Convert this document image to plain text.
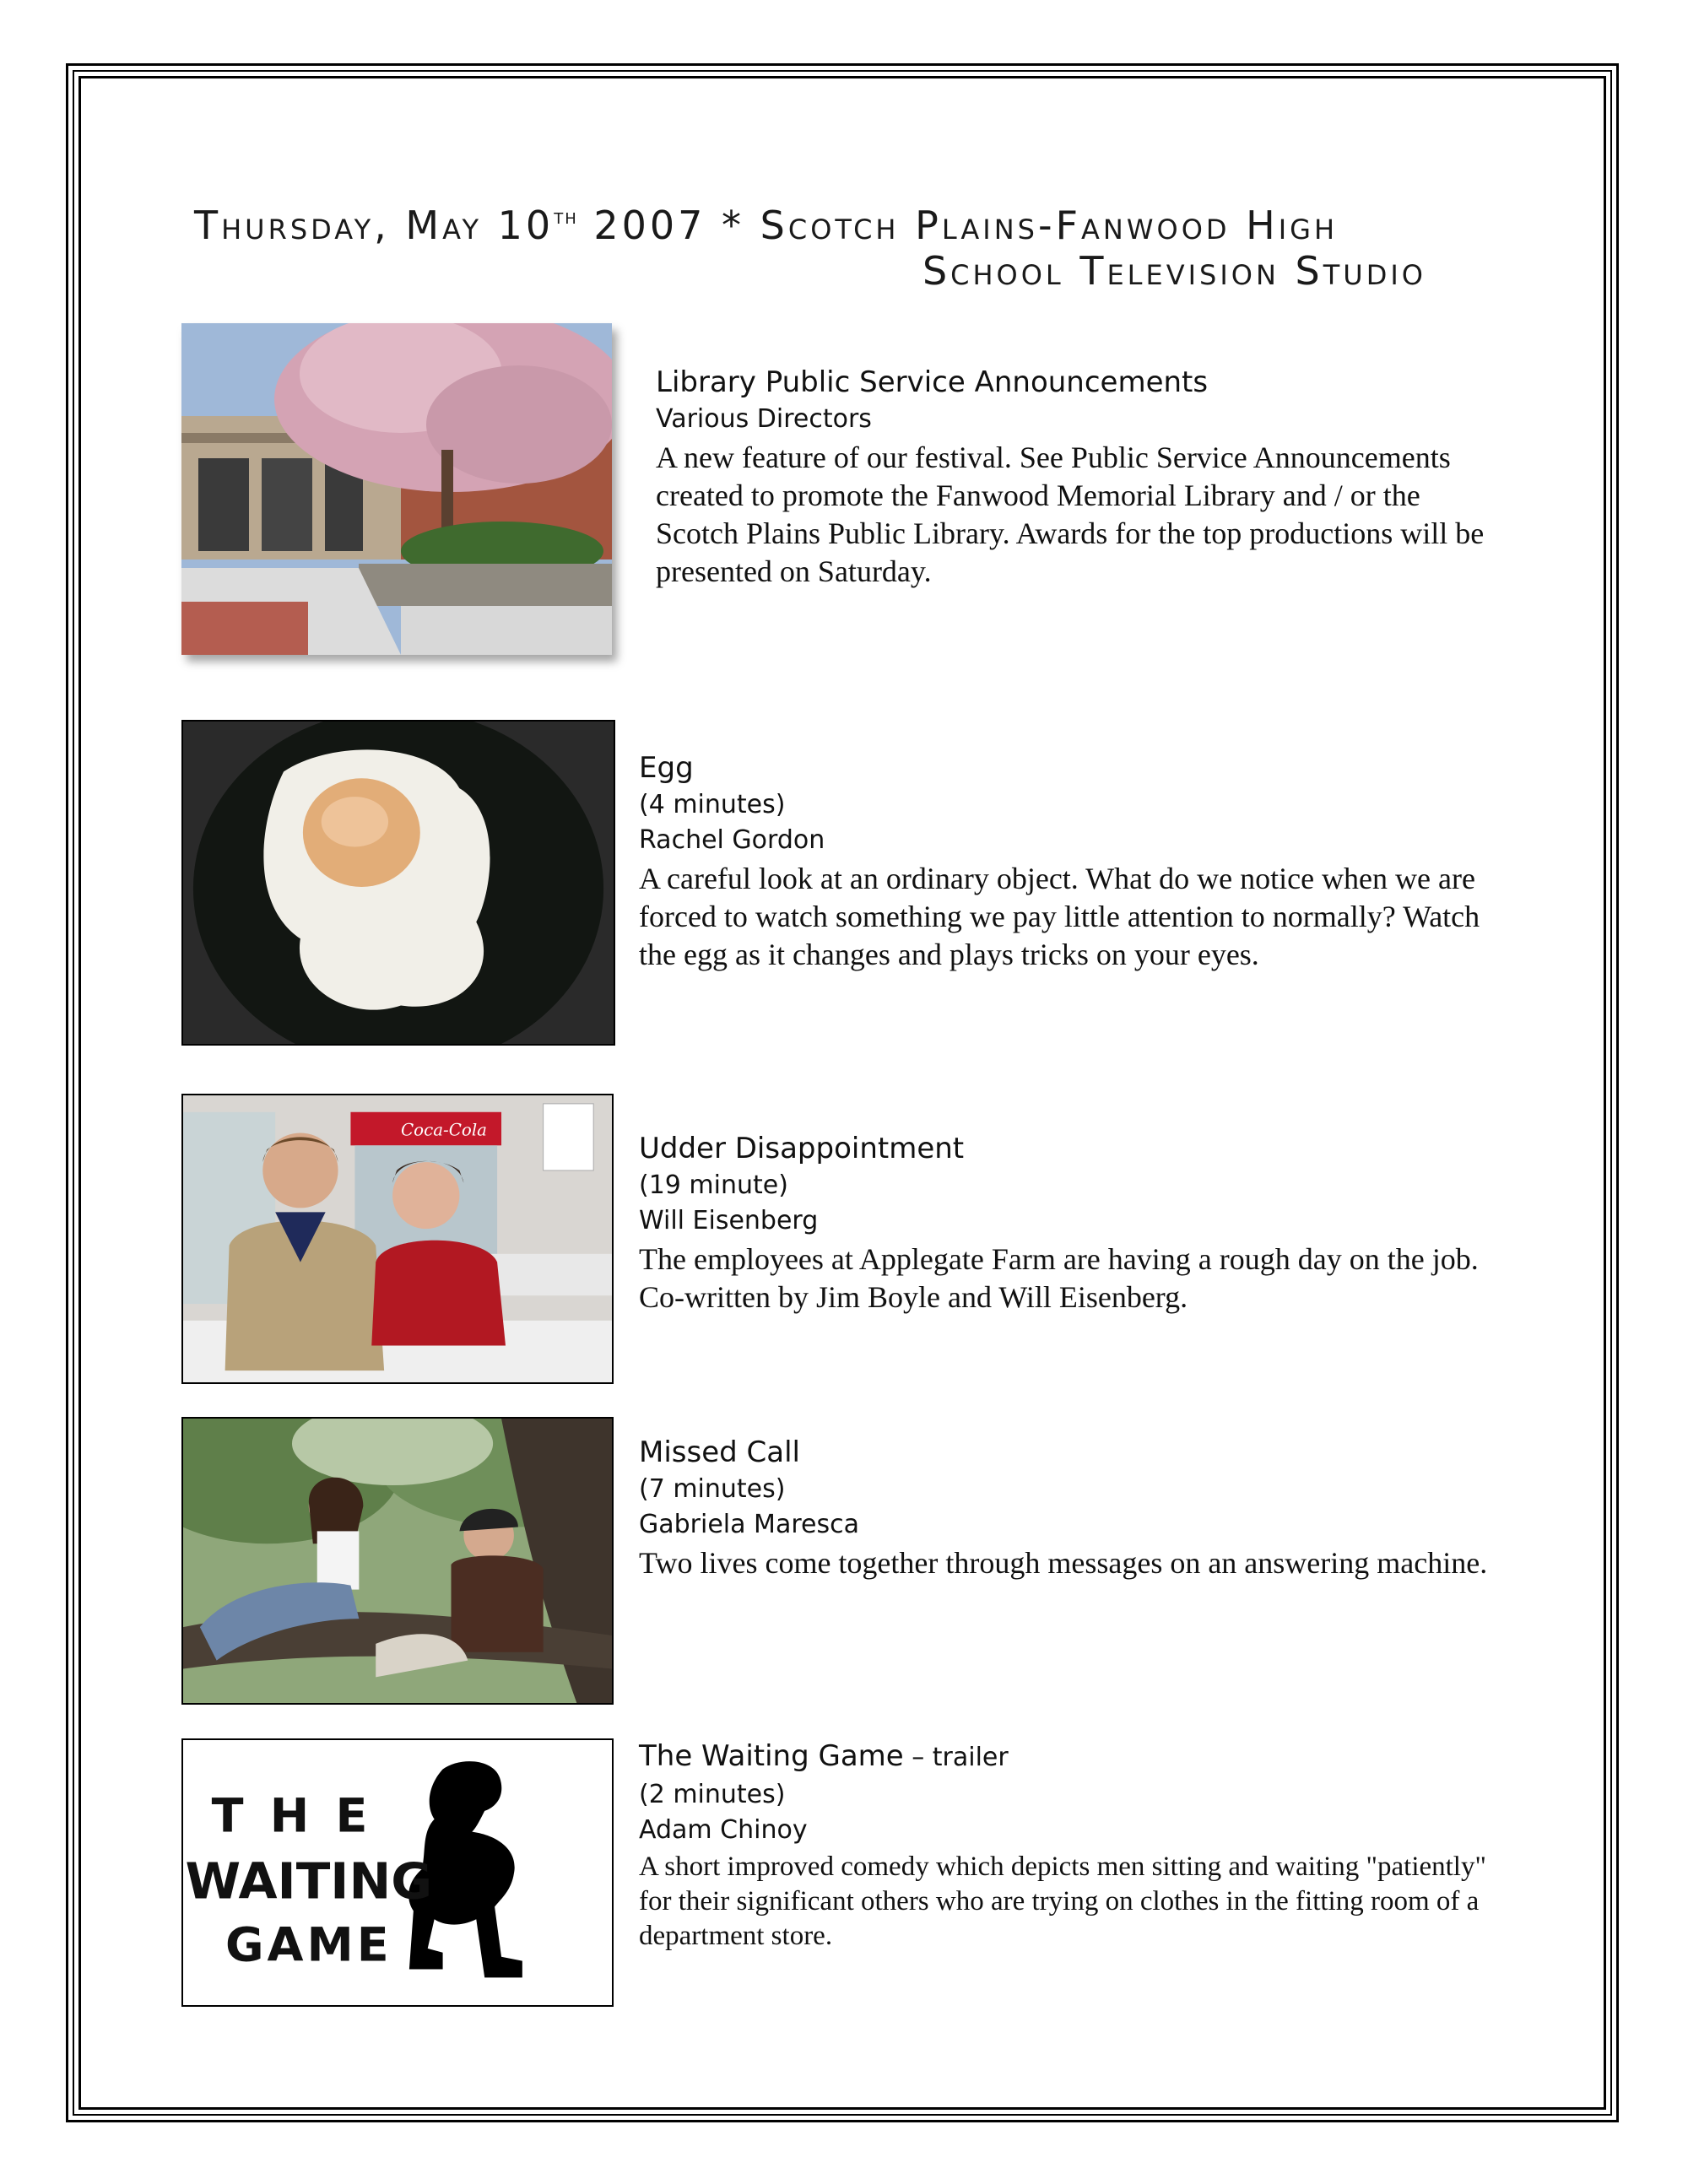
Thursday, May 10th 2007 * Scotch Plains-Fanwood High
School Television Studio
Library Public Service Announcements
Various Directors
A new feature of our festival. See Public Service Announcements created to promote the Fanwood Memorial Library and / or the Scotch Plains Public Library. Awards for the top productions will be presented on Saturday.
Egg
(4 minutes)
Rachel Gordon
A careful look at an ordinary object. What do we notice when we are forced to watch something we pay little attention to normally? Watch the egg as it changes and plays tricks on your eyes.
Coca-Cola
Udder Disappointment
(19 minute)
Will Eisenberg
The employees at Applegate Farm are having a rough day on the job. Co-written by Jim Boyle and Will Eisenberg.
Missed Call
(7 minutes)
Gabriela Maresca
Two lives come together through messages on an answering machine.
T H E
WAITING
GAME
The Waiting Game – trailer
(2 minutes)
Adam Chinoy
A short improved comedy which depicts men sitting and waiting "patiently" for their significant others who are trying on clothes in the fitting room of a department store.
